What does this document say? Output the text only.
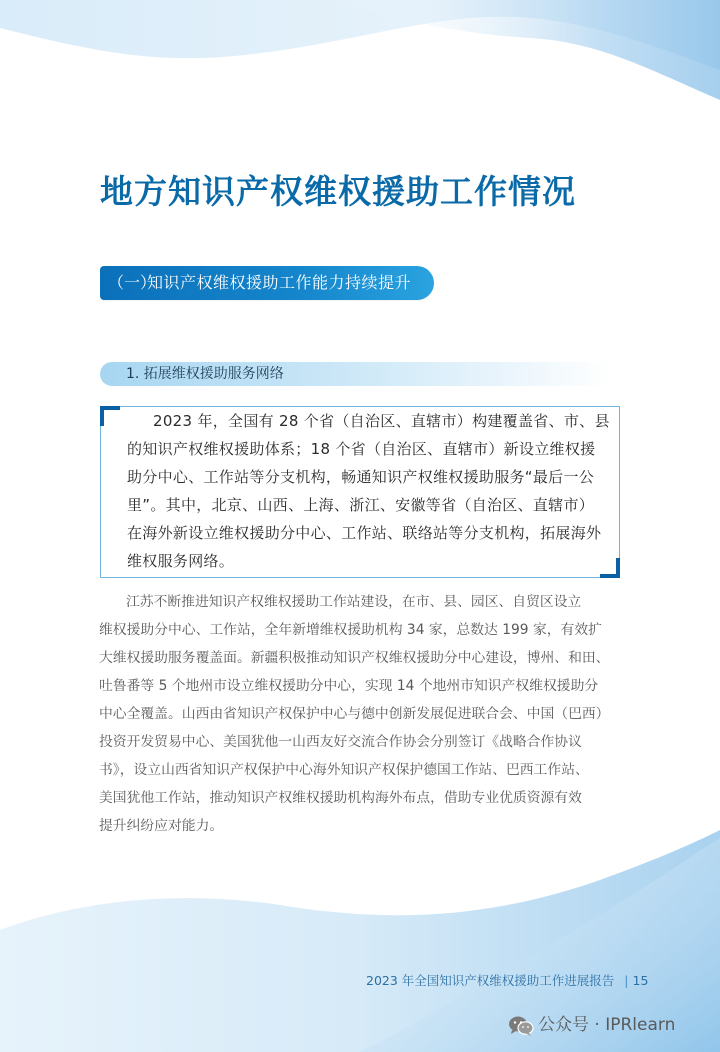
地方知识产权维权援助工作情况
（一）
知识产权维权援助工作能力持续提升
1. 拓展维权援助服务网络
2023 年，全国有 28 个省（自治区、直辖市）构建覆盖省、市、县
的知识产权维权援助体系；18 个省（自治区、直辖市）新设立维权援
助分中心、工作站等分支机构，畅通知识产权维权援助服务“最后一公
里”。其中，北京、山西、上海、浙江、安徽等省（自治区、直辖市）
在海外新设立维权援助分中心、工作站、联络站等分支机构，拓展海外
维权服务网络。
江苏不断推进知识产权维权援助工作站建设，在市、县、园区、自贸区设立
维权援助分中心、工作站，全年新增维权援助机构 34 家，总数达 199 家，有效扩
大维权援助服务覆盖面。新疆积极推动知识产权维权援助分中心建设，博州、和田、
吐鲁番等 5 个地州市设立维权援助分中心，实现 14 个地州市知识产权维权援助分
中心全覆盖。山西由省知识产权保护中心与德中创新发展促进联合会、中国（巴西）
投资开发贸易中心、美国犹他一山西友好交流合作协会分别签订《战略合作协议
书》，设立山西省知识产权保护中心海外知识产权保护德国工作站、巴西工作站、
美国犹他工作站，推动知识产权维权援助机构海外布点，借助专业优质资源有效
提升纠纷应对能力。
2023 年全国知识产权维权援助工作进展报告 | 15
公众号 · IPRlearn
